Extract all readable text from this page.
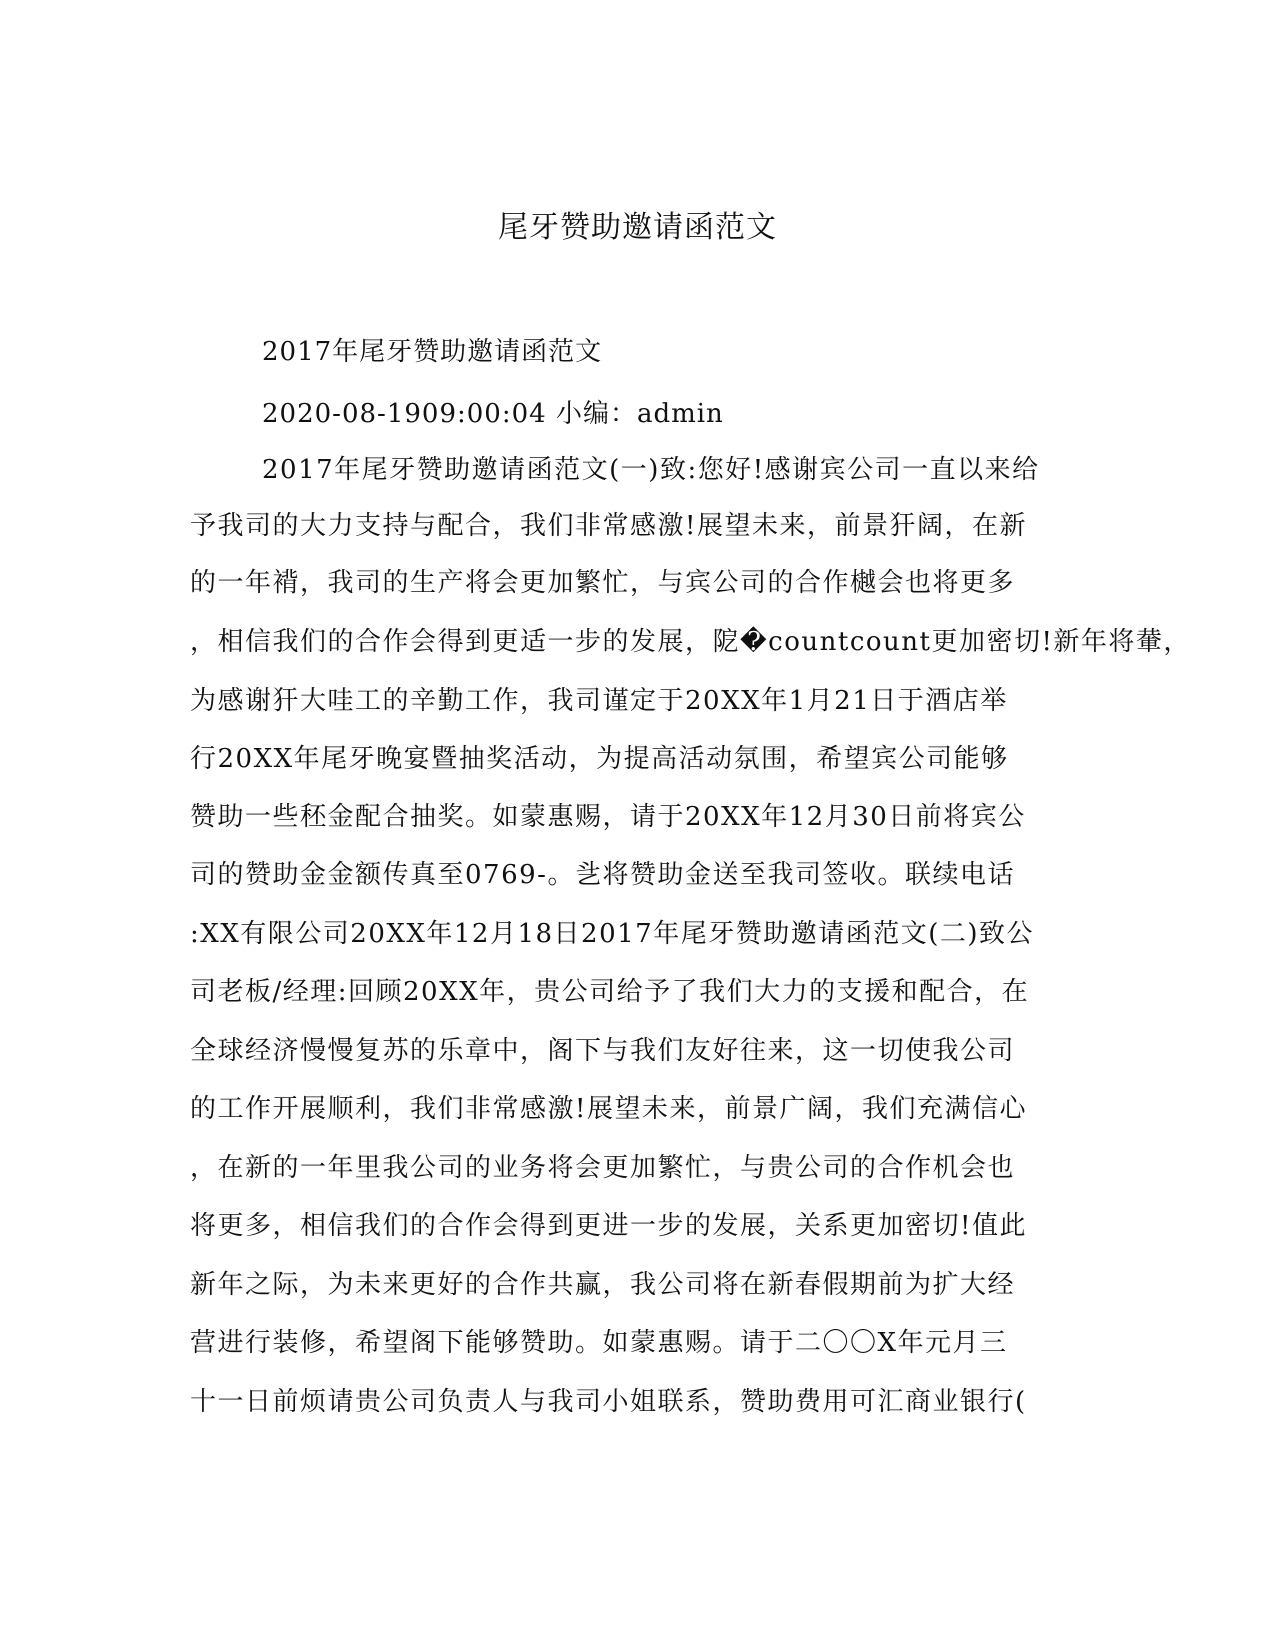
尾牙赞助邀请函范文
2017年尾牙赞助邀请函范文
2020-08-1909:00:04 小编：admin
2017年尾牙赞助邀请函范文(一)致:您好!感谢宾公司一直以来给
予我司的大力支持与配合，我们非常感激!展望未来，前景犴阔，在新
的一年褙，我司的生产将会更加繁忙，与宾公司的合作樾会也将更多
，相信我们的合作会得到更适一步的发展，阸�countcount更加密切!新年将輂，
为感谢犴大哇工的辛勤工作，我司谨定于20XX年1月21日于酒店举
行20XX年尾牙晚宴暨抽奖活动，为提高活动氛围，希望宾公司能够
赞助一些秠金配合抽奖。如蒙惠赐，请于20XX年12月30日前将宾公
司的赞助金金额传真至0769-。乧将赞助金送至我司签收。联续电话
:XX有限公司20XX年12月18日2017年尾牙赞助邀请函范文(二)致公
司老板/经理:回顾20XX年，贵公司给予了我们大力的支援和配合，在
全球经济慢慢复苏的乐章中，阁下与我们友好往来，这一切使我公司
的工作开展顺利，我们非常感激!展望未来，前景广阔，我们充满信心
，在新的一年里我公司的业务将会更加繁忙，与贵公司的合作机会也
将更多，相信我们的合作会得到更进一步的发展，关系更加密切!值此
新年之际，为未来更好的合作共赢，我公司将在新春假期前为扩大经
营进行装修，希望阁下能够赞助。如蒙惠赐。请于二〇〇X年元月三
十一日前烦请贵公司负责人与我司小姐联系，赞助费用可汇商业银行(
